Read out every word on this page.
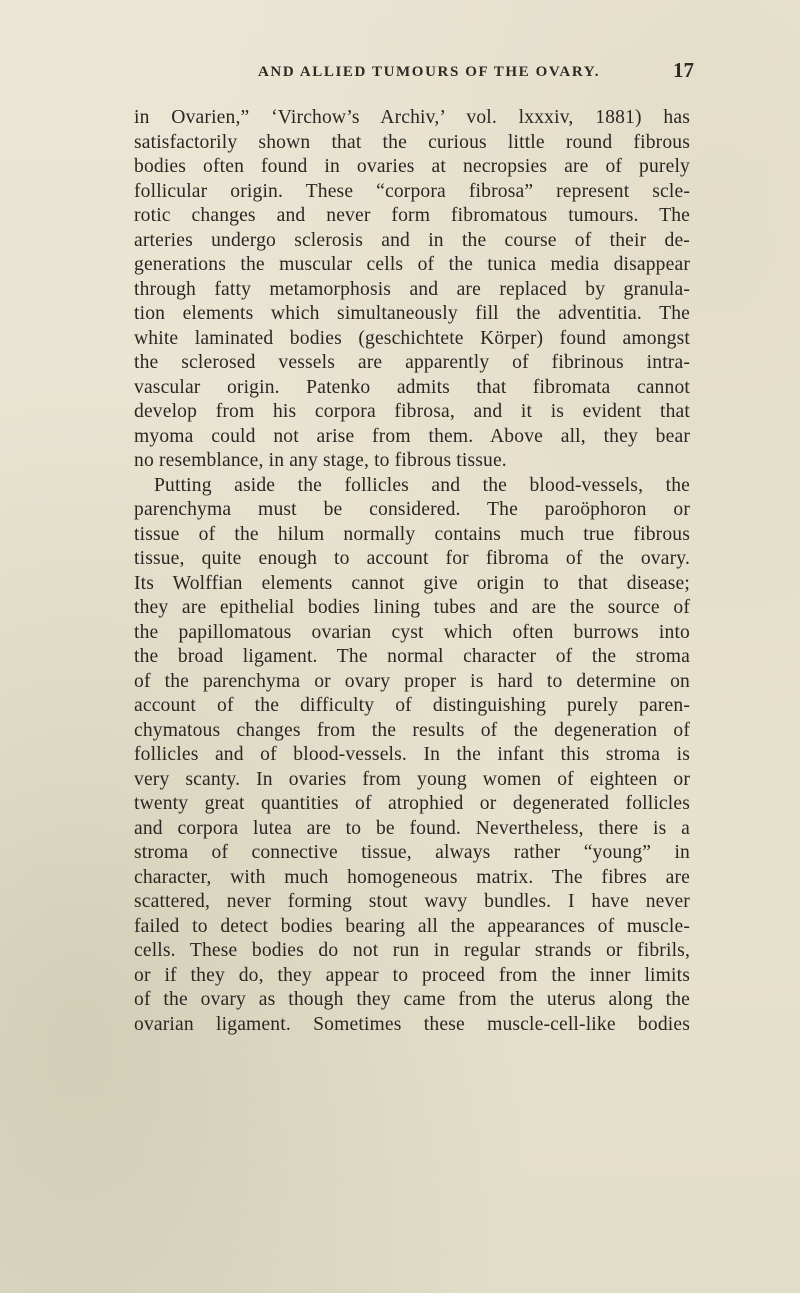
AND ALLIED TUMOURS OF THE OVARY.	17
in Ovarien,” ‘Virchow’s Archiv,’ vol. lxxxiv, 1881) has
satisfactorily shown that the curious little round fibrous
bodies often found in ovaries at necropsies are of purely
follicular origin. These “corpora fibrosa” represent scle-
rotic changes and never form fibromatous tumours. The
arteries undergo sclerosis and in the course of their de-
generations the muscular cells of the tunica media disappear
through fatty metamorphosis and are replaced by granula-
tion elements which simultaneously fill the adventitia. The
white laminated bodies (geschichtete Körper) found amongst
the sclerosed vessels are apparently of fibrinous intra-
vascular origin. Patenko admits that fibromata cannot
develop from his corpora fibrosa, and it is evident that
myoma could not arise from them. Above all, they bear
no resemblance, in any stage, to fibrous tissue.
Putting aside the follicles and the blood-vessels, the
parenchyma must be considered. The paroöphoron or
tissue of the hilum normally contains much true fibrous
tissue, quite enough to account for fibroma of the ovary.
Its Wolffian elements cannot give origin to that disease;
they are epithelial bodies lining tubes and are the source of
the papillomatous ovarian cyst which often burrows into
the broad ligament. The normal character of the stroma
of the parenchyma or ovary proper is hard to determine on
account of the difficulty of distinguishing purely paren-
chymatous changes from the results of the degeneration of
follicles and of blood-vessels. In the infant this stroma is
very scanty. In ovaries from young women of eighteen or
twenty great quantities of atrophied or degenerated follicles
and corpora lutea are to be found. Nevertheless, there is a
stroma of connective tissue, always rather “young” in
character, with much homogeneous matrix. The fibres are
scattered, never forming stout wavy bundles. I have never
failed to detect bodies bearing all the appearances of muscle-
cells. These bodies do not run in regular strands or fibrils,
or if they do, they appear to proceed from the inner limits
of the ovary as though they came from the uterus along the
ovarian ligament. Sometimes these muscle-cell-like bodies
